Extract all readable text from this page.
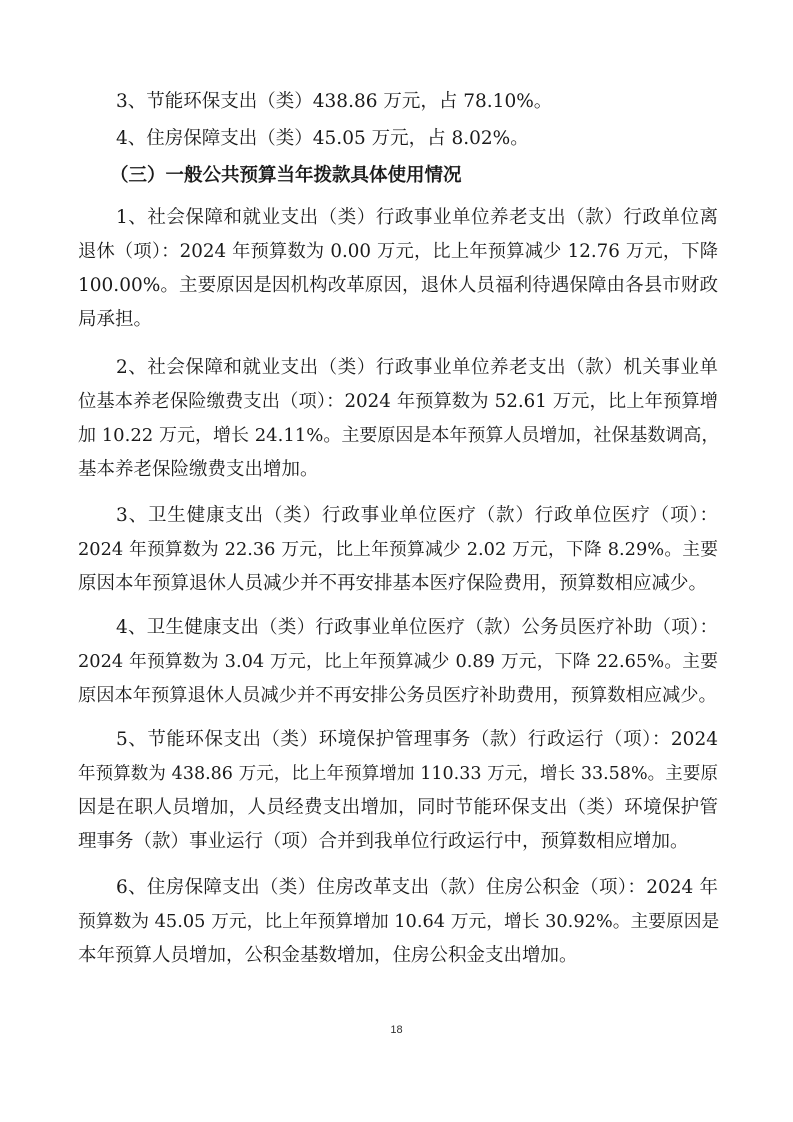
3、节能环保支出（类）438.86 万元，占 78.10%。
4、住房保障支出（类）45.05 万元，占 8.02%。
（三）一般公共预算当年拨款具体使用情况
1、社会保障和就业支出（类）行政事业单位养老支出（款）行政单位离
退休（项）：2024 年预算数为 0.00 万元，比上年预算减少 12.76 万元，下降
100.00%。主要原因是因机构改革原因，退休人员福利待遇保障由各县市财政
局承担。
2、社会保障和就业支出（类）行政事业单位养老支出（款）机关事业单
位基本养老保险缴费支出（项）：2024 年预算数为 52.61 万元，比上年预算增
加 10.22 万元，增长 24.11%。主要原因是本年预算人员增加，社保基数调高，
基本养老保险缴费支出增加。
3、卫生健康支出（类）行政事业单位医疗（款）行政单位医疗（项）：
2024 年预算数为 22.36 万元，比上年预算减少 2.02 万元，下降 8.29%。主要
原因本年预算退休人员减少并不再安排基本医疗保险费用，预算数相应减少。
4、卫生健康支出（类）行政事业单位医疗（款）公务员医疗补助（项）：
2024 年预算数为 3.04 万元，比上年预算减少 0.89 万元，下降 22.65%。主要
原因本年预算退休人员减少并不再安排公务员医疗补助费用，预算数相应减少。
5、节能环保支出（类）环境保护管理事务（款）行政运行（项）：2024
年预算数为 438.86 万元，比上年预算增加 110.33 万元，增长 33.58%。主要原
因是在职人员增加，人员经费支出增加，同时节能环保支出（类）环境保护管
理事务（款）事业运行（项）合并到我单位行政运行中，预算数相应增加。
6、住房保障支出（类）住房改革支出（款）住房公积金（项）：2024 年
预算数为 45.05 万元，比上年预算增加 10.64 万元，增长 30.92%。主要原因是
本年预算人员增加，公积金基数增加，住房公积金支出增加。
18
